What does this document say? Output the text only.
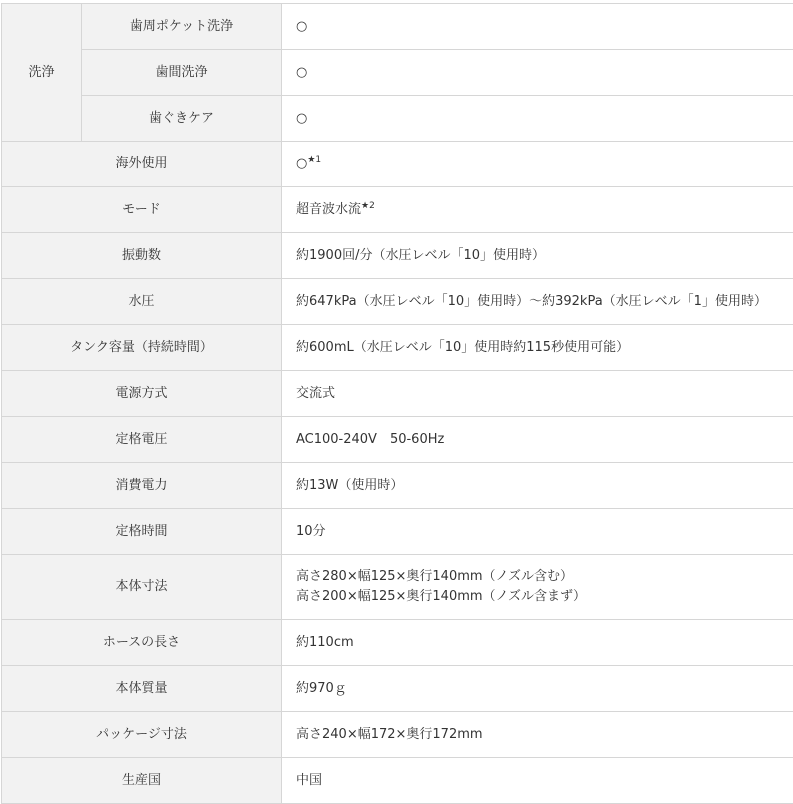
洗浄	歯周ポケット洗浄	○
	歯間洗浄	○
	歯ぐきケア	○
海外使用		○$^{★1}$
モード		超音波水流$^{★2}$
振動数		約1900回/分（水圧レベル「10」使用時）
水圧		約647kPa（水圧レベル「10」使用時）〜約392kPa（水圧レベル「1」使用時）
タンク容量（持続時間）		約600mL（水圧レベル「10」使用時約115秒使用可能）
電源方式		交流式
定格電圧		AC100-240V　50-60Hz
消費電力		約13W（使用時）
定格時間		10分
本体寸法		高さ280×幅125×奥行140mm（ノズル含む）
高さ200×幅125×奥行140mm（ノズル含まず）

ホースの長さ		約110cm
本体質量		約970ｇ
パッケージ寸法		高さ240×幅172×奥行172mm
生産国		中国
